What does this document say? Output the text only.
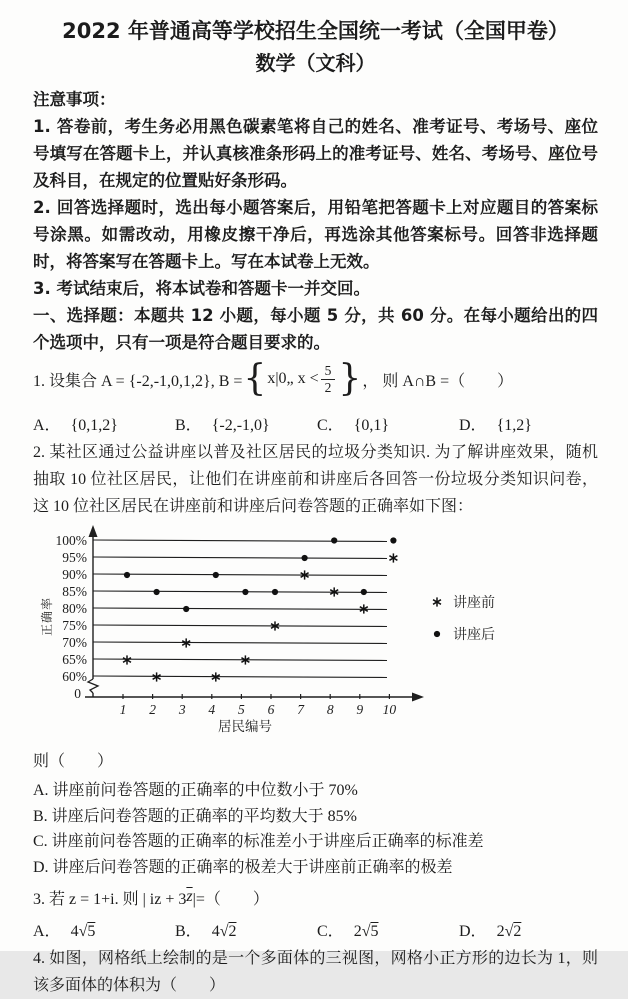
2022 年普通高等学校招生全国统一考试（全国甲卷）
数学（文科）

注意事项：

1. 答卷前，考生务必用黑色碳素笔将自己的姓名、准考证号、考场号、座位号填写在答题卡上，并认真核准条形码上的准考证号、姓名、考场号、座位号及科目，在规定的位置贴好条形码。

2. 回答选择题时，选出每小题答案后，用铅笔把答题卡上对应题目的答案标号涂黑。如需改动，用橡皮擦干净后，再选涂其他答案标号。回答非选择题时，将答案写在答题卡上。写在本试卷上无效。

3. 考试结束后，将本试卷和答题卡一并交回。

一、选择题：本题共 12 小题，每小题 5 分，共 60 分。在每小题给出的四个选项中，只有一项是符合题目要求的。

1. 设集合 A = {-2,-1,0,1,2}, B = { x|0„ $x < \frac{5}{2}$ } ， 则 A∩B =（　　）
A． {0,1,2}	B． {-2,-1,0}	C． {0,1}	D． {1,2}

2. 某社区通过公益讲座以普及社区居民的垃圾分类知识. 为了解讲座效果，随机抽取 10 位社区居民，让他们在讲座前和讲座后各回答一份垃圾分类知识问卷，这 10 位社区居民在讲座前和讲座后问卷答题的正确率如下图：

100%
95%
90%
85%
80%
75%
70%
65%
60%
0
1 2 3 4 5 6 7 8 9 10
居民编号
正确率	讲座前
讲座后

则（　　）

A. 讲座前问卷答题的正确率的中位数小于 70%

B. 讲座后问卷答题的正确率的平均数大于 85%

C. 讲座前问卷答题的正确率的标准差小于讲座后正确率的标准差

D. 讲座后问卷答题的正确率的极差大于讲座前正确率的极差

3. 若 z = 1+i. 则 | iz + 3 $\overline{z}$ |=（　　）
A． 4√5	B． 4√2	C． 2√5	D． 2√2

4. 如图，网格纸上绘制的是一个多面体的三视图，网格小正方形的边长为 1，则该多面体的体积为（　　）
